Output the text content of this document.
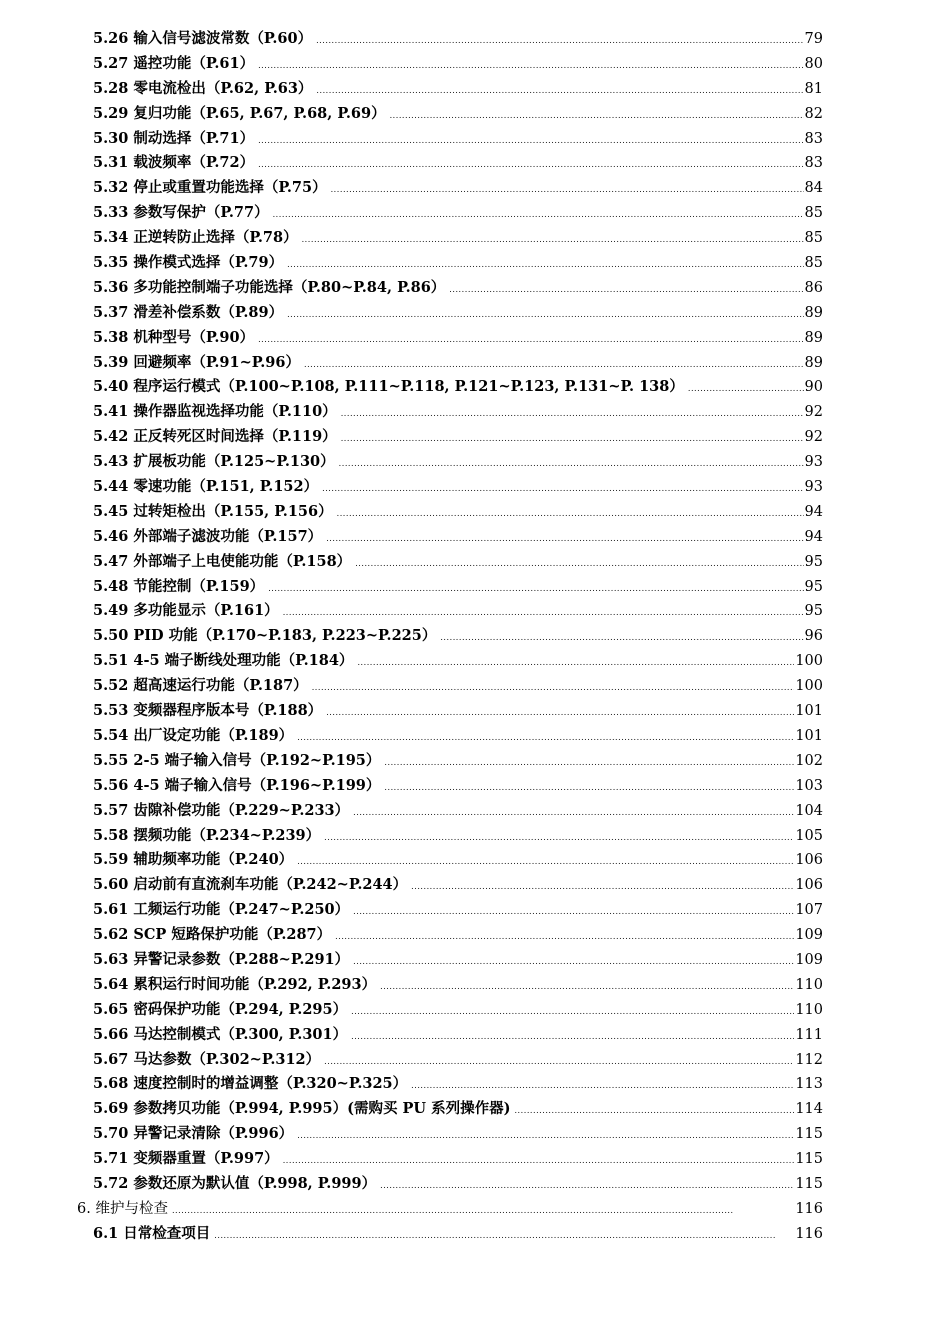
5.26 输入信号滤波常数（P.60） . . .	79
5.27 遥控功能（P.61） . . .	80
5.28 零电流检出（P.62, P.63） . . .	81
5.29 复归功能（P.65, P.67, P.68, P.69） . . .	82
5.30 制动选择（P.71） . . .	83
5.31 载波频率（P.72） . . .	83
5.32 停止或重置功能选择（P.75） . . .	84
5.33 参数写保护（P.77） . . .	85
5.34 正逆转防止选择（P.78） . . .	85
5.35 操作模式选择（P.79） . . .	85
5.36 多功能控制端子功能选择（P.80~P.84, P.86） . . .	86
5.37 滑差补偿系数（P.89） . . .	89
5.38 机种型号（P.90） . . .	89
5.39 回避频率（P.91~P.96） . . .	89
5.40 程序运行模式（P.100~P.108, P.111~P.118, P.121~P.123, P.131~P. 138） . . .	90
5.41 操作器监视选择功能（P.110） . . .	92
5.42 正反转死区时间选择（P.119） . . .	92
5.43 扩展板功能（P.125~P.130） . . .	93
5.44 零速功能（P.151, P.152） . . .	93
5.45 过转矩检出（P.155, P.156） . . .	94
5.46 外部端子滤波功能（P.157） . . .	94
5.47 外部端子上电使能功能（P.158） . . .	95
5.48 节能控制（P.159） . . .	95
5.49 多功能显示（P.161） . . .	95
5.50 PID 功能（P.170~P.183, P.223~P.225） . . .	96
5.51 4-5 端子断线处理功能（P.184） . . .	100
5.52 超高速运行功能（P.187） . . .	100
5.53 变频器程序版本号（P.188） . . .	101
5.54 出厂设定功能（P.189） . . .	101
5.55 2-5 端子输入信号（P.192~P.195） . . .	102
5.56 4-5 端子输入信号（P.196~P.199） . . .	103
5.57 齿隙补偿功能（P.229~P.233） . . .	104
5.58 摆频功能（P.234~P.239） . . .	105
5.59 辅助频率功能（P.240） . . .	106
5.60 启动前有直流刹车功能（P.242~P.244） . . .	106
5.61 工频运行功能（P.247~P.250） . . .	107
5.62 SCP 短路保护功能（P.287） . . .	109
5.63 异警记录参数（P.288~P.291） . . .	109
5.64 累积运行时间功能（P.292, P.293） . . .	110
5.65 密码保护功能（P.294, P.295） . . .	110
5.66 马达控制模式（P.300, P.301） . . .	111
5.67 马达参数（P.302~P.312） . . .	112
5.68 速度控制时的增益调整（P.320~P.325） . . .	113
5.69 参数拷贝功能（P.994, P.995）(需购买 PU 系列操作器) . . .	114
5.70 异警记录清除（P.996） . . .	115
5.71 变频器重置（P.997） . . .	115
5.72 参数还原为默认值（P.998, P.999） . . .	115
6. 维护与检查 . . .	116
6.1 日常检查项目 . . .	116
